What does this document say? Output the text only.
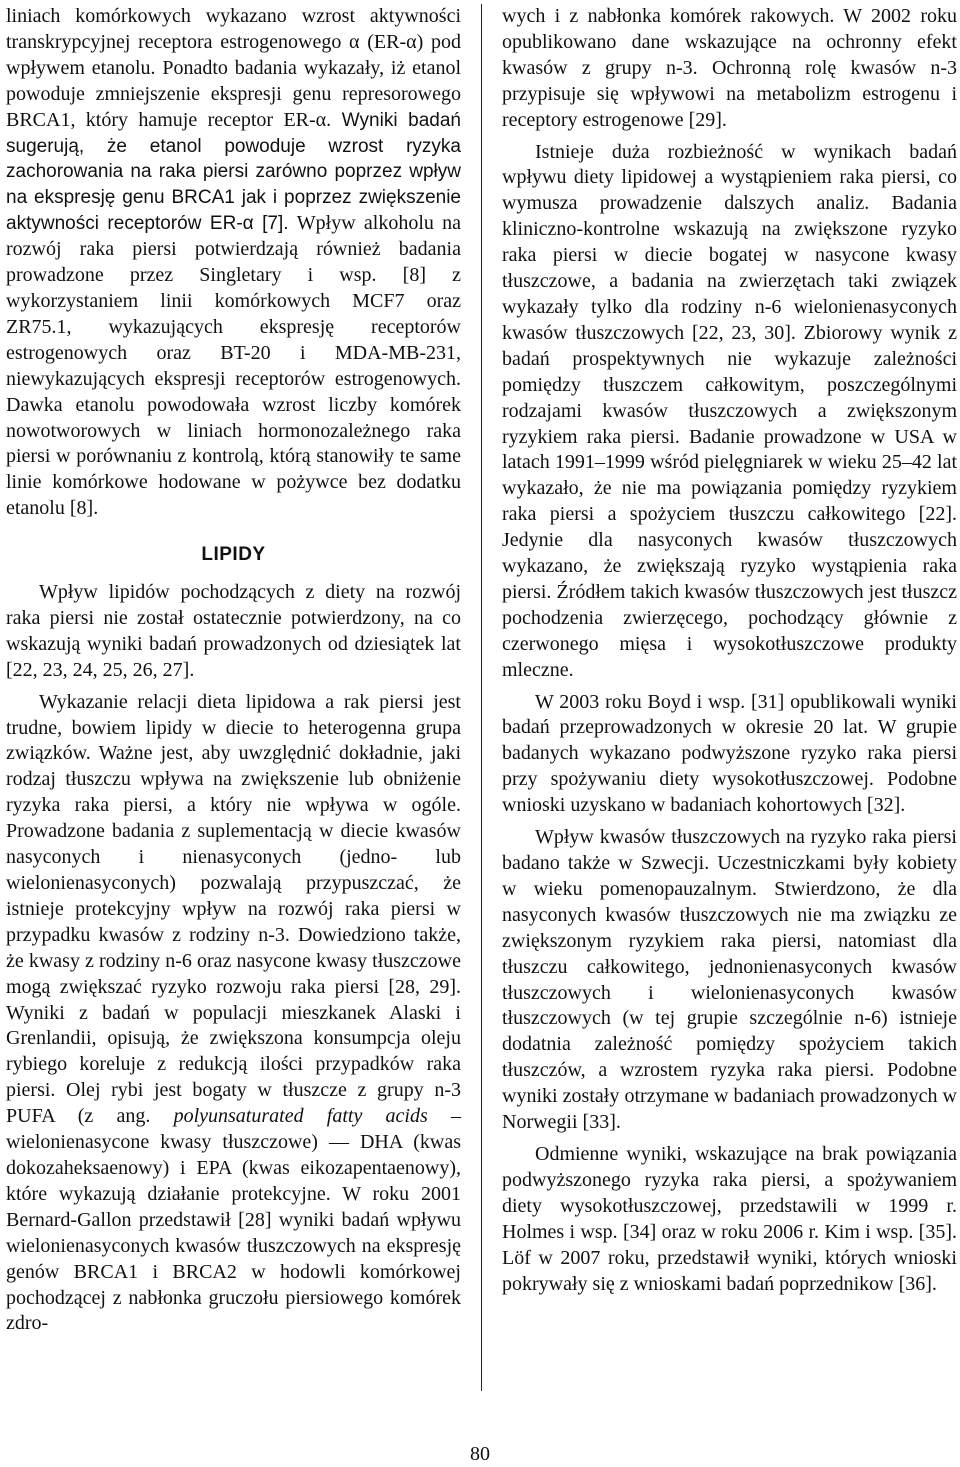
liniach komórkowych wykazano wzrost aktywności transkrypcyjnej receptora estrogenowego α (ER-α) pod wpływem etanolu. Ponadto badania wykazały, iż etanol powoduje zmniejszenie ekspresji genu represorowego BRCA1, który hamuje receptor ER-α. Wyniki badań sugerują, że etanol powoduje wzrost ryzyka zachorowania na raka piersi zarówno poprzez wpływ na ekspresję genu BRCA1 jak i poprzez zwiększenie aktywności receptorów ER-α [7]. Wpływ alkoholu na rozwój raka piersi potwierdzają również badania prowadzone przez Singletary i wsp. [8] z wykorzystaniem linii komórkowych MCF7 oraz ZR75.1, wykazujących ekspresję receptorów estrogenowych oraz BT-20 i MDA-MB-231, niewykazujących ekspresji receptorów estrogenowych. Dawka etanolu powodowała wzrost liczby komórek nowotworowych w liniach hormonozależnego raka piersi w porównaniu z kontrolą, którą stanowiły te same linie komórkowe hodowane w pożywce bez dodatku etanolu [8].

LIPIDY

Wpływ lipidów pochodzących z diety na rozwój raka piersi nie został ostatecznie potwierdzony, na co wskazują wyniki badań prowadzonych od dziesiątek lat [22, 23, 24, 25, 26, 27].

Wykazanie relacji dieta lipidowa a rak piersi jest trudne, bowiem lipidy w diecie to heterogenna grupa związków. Ważne jest, aby uwzględnić dokładnie, jaki rodzaj tłuszczu wpływa na zwiększenie lub obniżenie ryzyka raka piersi, a który nie wpływa w ogóle. Prowadzone badania z suplementacją w diecie kwasów nasyconych i nienasyconych (jedno- lub wielonienasyconych) pozwalają przypuszczać, że istnieje protekcyjny wpływ na rozwój raka piersi w przypadku kwasów z rodziny n-3. Dowiedziono także, że kwasy z rodziny n-6 oraz nasycone kwasy tłuszczowe mogą zwiększać ryzyko rozwoju raka piersi [28, 29]. Wyniki z badań w populacji mieszkanek Alaski i Grenlandii, opisują, że zwiększona konsumpcja oleju rybiego koreluje z redukcją ilości przypadków raka piersi. Olej rybi jest bogaty w tłuszcze z grupy n-3 PUFA (z ang. polyunsaturated fatty acids – wielonienasycone kwasy tłuszczowe) — DHA (kwas dokozaheksaenowy) i EPA (kwas eikozapentaenowy), które wykazują działanie protekcyjne. W roku 2001 Bernard-Gallon przedstawił [28] wyniki badań wpływu wielonienasyconych kwasów tłuszczowych na ekspresję genów BRCA1 i BRCA2 w hodowli komórkowej pochodzącej z nabłonka gruczołu piersiowego komórek zdro-

wych i z nabłonka komórek rakowych. W 2002 roku opublikowano dane wskazujące na ochronny efekt kwasów z grupy n-3. Ochronną rolę kwasów n-3 przypisuje się wpływowi na metabolizm estrogenu i receptory estrogenowe [29].

Istnieje duża rozbieżność w wynikach badań wpływu diety lipidowej a wystąpieniem raka piersi, co wymusza prowadzenie dalszych analiz. Badania kliniczno-kontrolne wskazują na zwiększone ryzyko raka piersi w diecie bogatej w nasycone kwasy tłuszczowe, a badania na zwierzętach taki związek wykazały tylko dla rodziny n-6 wielonienasyconych kwasów tłuszczowych [22, 23, 30]. Zbiorowy wynik z badań prospektywnych nie wykazuje zależności pomiędzy tłuszczem całkowitym, poszczególnymi rodzajami kwasów tłuszczowych a zwiększonym ryzykiem raka piersi. Badanie prowadzone w USA w latach 1991–1999 wśród pielęgniarek w wieku 25–42 lat wykazało, że nie ma powiązania pomiędzy ryzykiem raka piersi a spożyciem tłuszczu całkowitego [22]. Jedynie dla nasyconych kwasów tłuszczowych wykazano, że zwiększają ryzyko wystąpienia raka piersi. Źródłem takich kwasów tłuszczowych jest tłuszcz pochodzenia zwierzęcego, pochodzący głównie z czerwonego mięsa i wysokotłuszczowe produkty mleczne.

W 2003 roku Boyd i wsp. [31] opublikowali wyniki badań przeprowadzonych w okresie 20 lat. W grupie badanych wykazano podwyższone ryzyko raka piersi przy spożywaniu diety wysokotłuszczowej. Podobne wnioski uzyskano w badaniach kohortowych [32].

Wpływ kwasów tłuszczowych na ryzyko raka piersi badano także w Szwecji. Uczestniczkami były kobiety w wieku pomenopauzalnym. Stwierdzono, że dla nasyconych kwasów tłuszczowych nie ma związku ze zwiększonym ryzykiem raka piersi, natomiast dla tłuszczu całkowitego, jednonienasyconych kwasów tłuszczowych i wielonienasyconych kwasów tłuszczowych (w tej grupie szczególnie n-6) istnieje dodatnia zależność pomiędzy spożyciem takich tłuszczów, a wzrostem ryzyka raka piersi. Podobne wyniki zostały otrzymane w badaniach prowadzonych w Norwegii [33].

Odmienne wyniki, wskazujące na brak powiązania podwyższonego ryzyka raka piersi, a spożywaniem diety wysokotłuszczowej, przedstawili w 1999 r. Holmes i wsp. [34] oraz w roku 2006 r. Kim i wsp. [35]. Löf w 2007 roku, przedstawił wyniki, których wnioski pokrywały się z wnioskami badań poprzednikow [36].

80
